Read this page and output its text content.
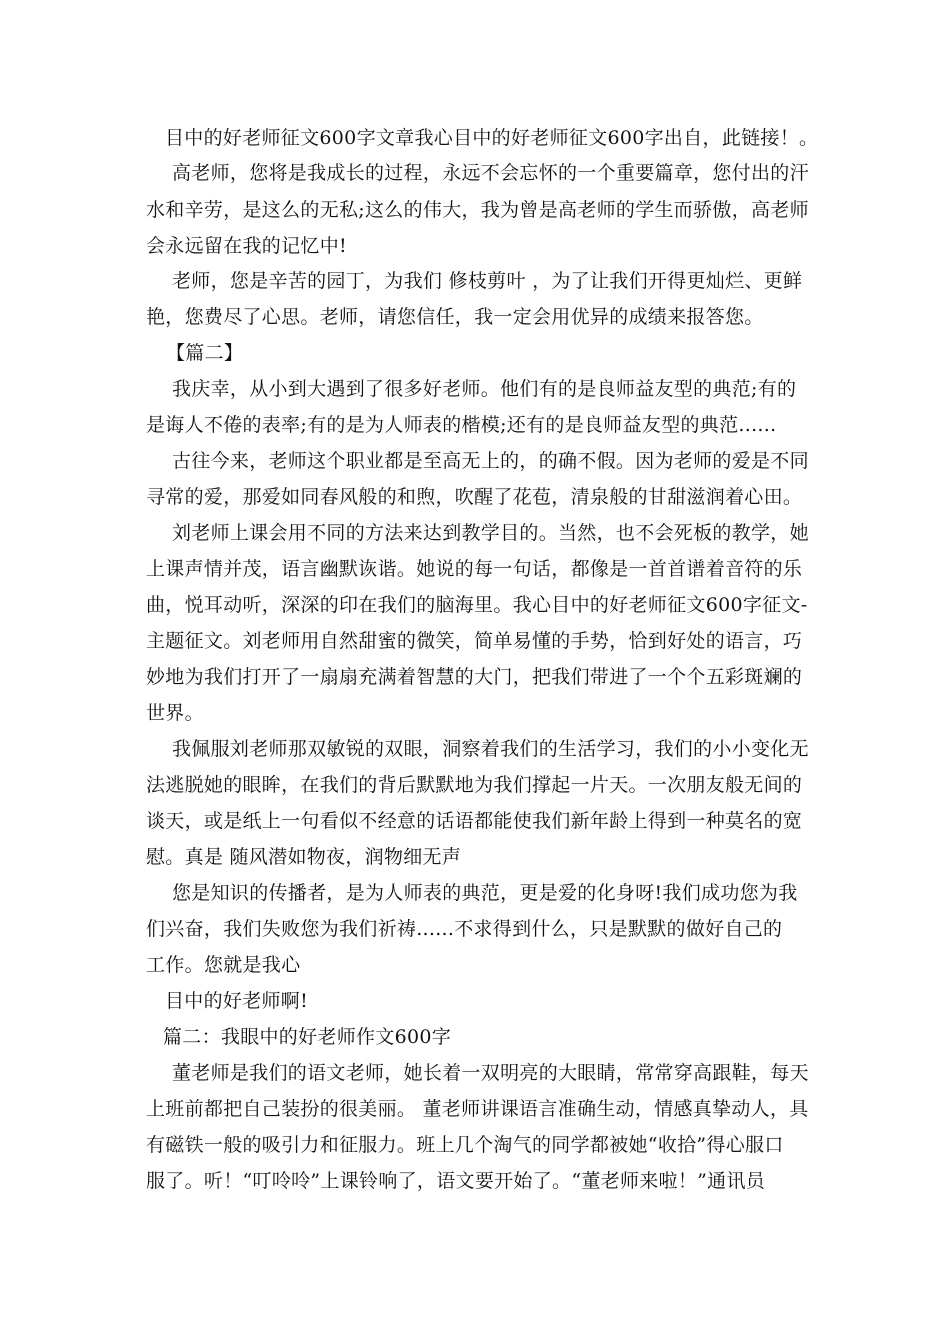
目中的好老师征文600字文章我心目中的好老师征文600字出自，此链接！。
高老师，您将是我成长的过程，永远不会忘怀的一个重要篇章，您付出的汗
水和辛劳，是这么的无私;这么的伟大，我为曾是高老师的学生而骄傲，高老师
会永远留在我的记忆中!
老师，您是辛苦的园丁，为我们 修枝剪叶 ，为了让我们开得更灿烂、更鲜
艳，您费尽了心思。老师，请您信任，我一定会用优异的成绩来报答您。
【篇二】
我庆幸，从小到大遇到了很多好老师。他们有的是良师益友型的典范;有的
是诲人不倦的表率;有的是为人师表的楷模;还有的是良师益友型的典范......
古往今来，老师这个职业都是至高无上的，的确不假。因为老师的爱是不同
寻常的爱，那爱如同春风般的和煦，吹醒了花苞，清泉般的甘甜滋润着心田。
刘老师上课会用不同的方法来达到教学目的。当然，也不会死板的教学，她
上课声情并茂，语言幽默诙谐。她说的每一句话，都像是一首首谱着音符的乐
曲，悦耳动听，深深的印在我们的脑海里。我心目中的好老师征文600字征文-
主题征文。刘老师用自然甜蜜的微笑，简单易懂的手势，恰到好处的语言，巧
妙地为我们打开了一扇扇充满着智慧的大门，把我们带进了一个个五彩斑斓的
世界。
我佩服刘老师那双敏锐的双眼，洞察着我们的生活学习，我们的小小变化无
法逃脱她的眼眸，在我们的背后默默地为我们撑起一片天。一次朋友般无间的
谈天，或是纸上一句看似不经意的话语都能使我们新年龄上得到一种莫名的宽
慰。真是 随风潜如物夜，润物细无声
您是知识的传播者，是为人师表的典范，更是爱的化身呀!我们成功您为我
们兴奋，我们失败您为我们祈祷......不求得到什么，只是默默的做好自己的
工作。您就是我心
目中的好老师啊!
篇二：我眼中的好老师作文600字
董老师是我们的语文老师，她长着一双明亮的大眼睛，常常穿高跟鞋，每天
上班前都把自己装扮的很美丽。 董老师讲课语言准确生动，情感真挚动人，具
有磁铁一般的吸引力和征服力。班上几个淘气的同学都被她“收拾”得心服口
服了。听！“叮呤呤”上课铃响了，语文要开始了。“董老师来啦！”通讯员
